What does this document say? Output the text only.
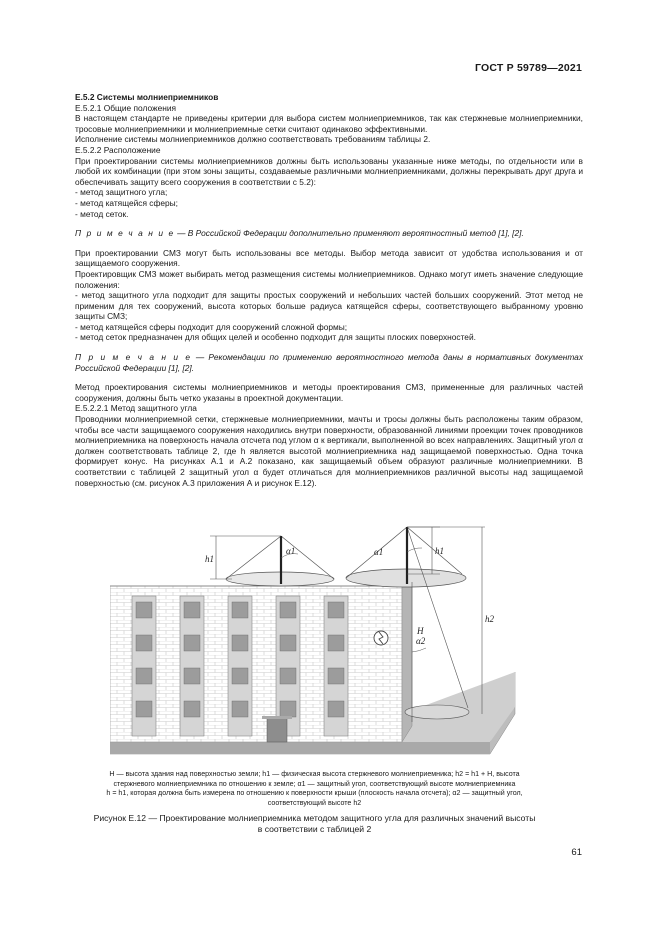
ГОСТ Р 59789—2021

Е.5.2 Системы молниеприемников

Е.5.2.1 Общие положения

В настоящем стандарте не приведены критерии для выбора систем молниеприемников, так как стержневые молниеприемники, тросовые молниеприемники и молниеприемные сетки считают одинаково эффективными.

Исполнение системы молниеприемников должно соответствовать требованиям таблицы 2.

Е.5.2.2 Расположение

При проектировании системы молниеприемников должны быть использованы указанные ниже методы, по отдельности или в любой их комбинации (при этом зоны защиты, создаваемые различными молниеприемниками, должны перекрывать друг друга и обеспечивать защиту всего сооружения в соответствии с 5.2):

- метод защитного угла;

- метод катящейся сферы;

- метод сеток.

П р и м е ч а н и е — В Российской Федерации дополнительно применяют вероятностный метод [1], [2].

При проектировании СМЗ могут быть использованы все методы. Выбор метода зависит от удобства использования и от защищаемого сооружения.

Проектировщик СМЗ может выбирать метод размещения системы молниеприемников. Однако могут иметь значение следующие положения:

- метод защитного угла подходит для защиты простых сооружений и небольших частей больших сооружений. Этот метод не применим для тех сооружений, высота которых больше радиуса катящейся сферы, соответствующего выбранному уровню защиты СМЗ;

- метод катящейся сферы подходит для сооружений сложной формы;

- метод сеток предназначен для общих целей и особенно подходит для защиты плоских поверхностей.

П р и м е ч а н и е — Рекомендации по применению вероятностного метода даны в нормативных документах Российской Федерации [1], [2].

Метод проектирования системы молниеприемников и методы проектирования СМЗ, примененные для различных частей сооружения, должны быть четко указаны в проектной документации.

Е.5.2.2.1 Метод защитного угла

Проводники молниеприемной сетки, стержневые молниеприемники, мачты и тросы должны быть расположены таким образом, чтобы все части защищаемого сооружения находились внутри поверхности, образованной линиями проекции точек проводников молниеприемника на поверхность начала отсчета под углом α к вертикали, выполненной во всех направлениях. Защитный угол α должен соответствовать таблице 2, где h является высотой молниеприемника над защищаемой поверхностью. Одна точка формирует конус. На рисунках А.1 и А.2 показано, как защищаемый объем образуют различные молниеприемники. В соответствии с таблицей 2 защитный угол α будет отличаться для молниеприемников различной высоты над защищаемой поверхностью (см. рисунок А.3 приложения А и рисунок Е.12).

h1
α1	α1	h1
H
α2
h2
H — высота здания над поверхностью земли; h1 — физическая высота стержневого молниеприемника; h2 = h1 + H, высота
стержневого молниеприемника по отношению к земле; α1 — защитный угол, соответствующий высоте молниеприемника
h = h1, которая должна быть измерена по отношению к поверхности крыши (плоскость начала отсчета); α2 — защитный угол,
соответствующий высоте h2
Рисунок Е.12 — Проектирование молниеприемника методом защитного угла для различных значений высоты
в соответствии с таблицей 2
61
